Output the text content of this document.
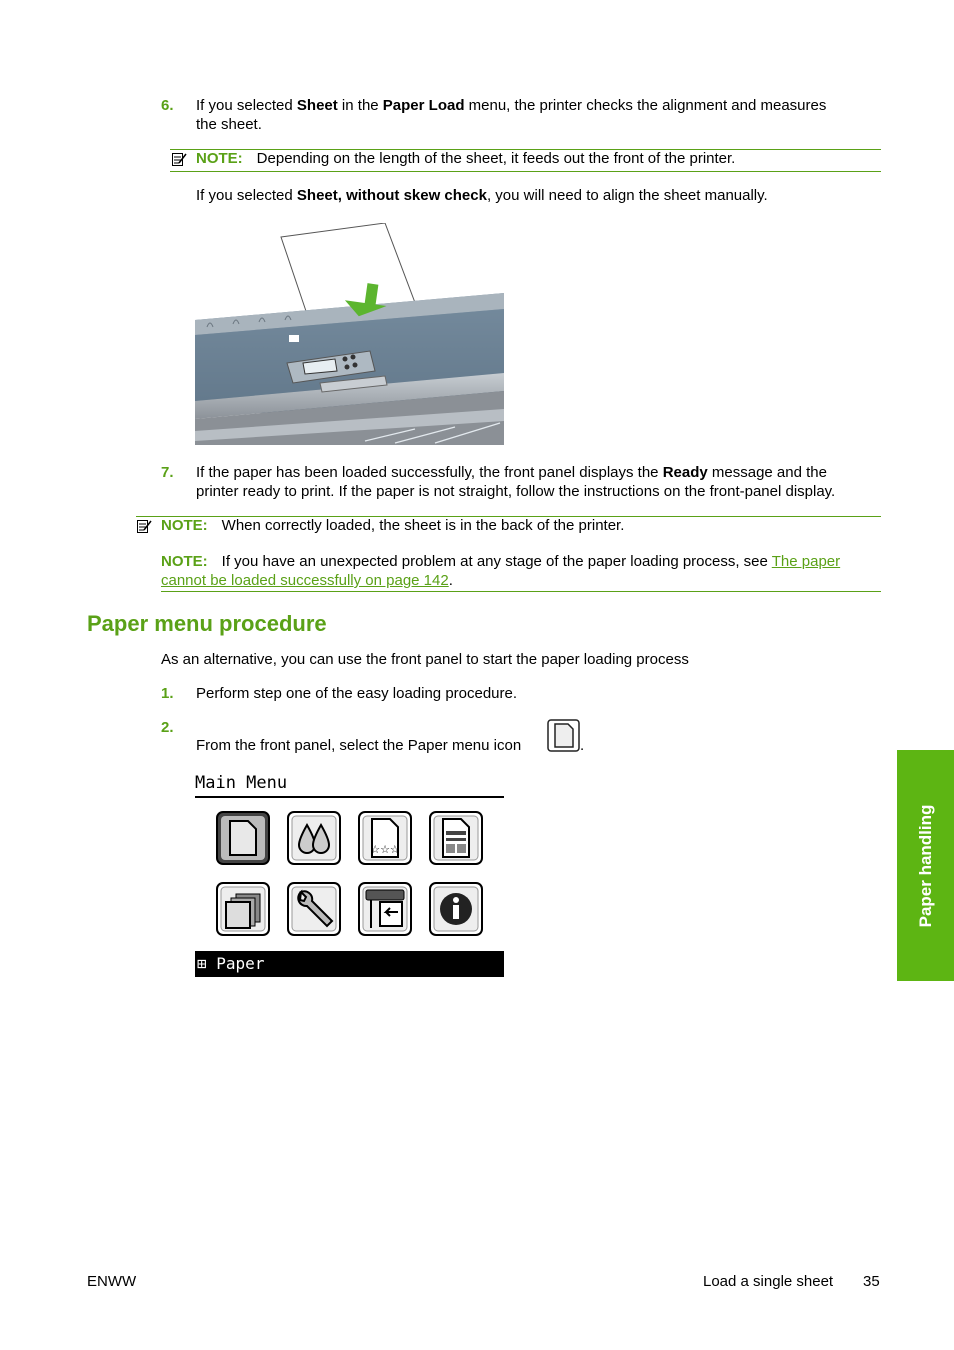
6. If you selected Sheet in the Paper Load menu, the printer checks the alignment and measures
the sheet.
NOTE: Depending on the length of the sheet, it feeds out the front of the printer.
If you selected Sheet, without skew check, you will need to align the sheet manually.
7. If the paper has been loaded successfully, the front panel displays the Ready message and the
printer ready to print. If the paper is not straight, follow the instructions on the front-panel display.
NOTE: When correctly loaded, the sheet is in the back of the printer.
NOTE: If you have an unexpected problem at any stage of the paper loading process, see The paper
cannot be loaded successfully on page 142.
Paper menu procedure
As an alternative, you can use the front panel to start the paper loading process
1. Perform step one of the easy loading procedure.
2.
From the front panel, select the Paper menu icon	.
Main Menu
☆☆☆
⊞ Paper
Paper handling
ENWW	Load a single sheet 35
